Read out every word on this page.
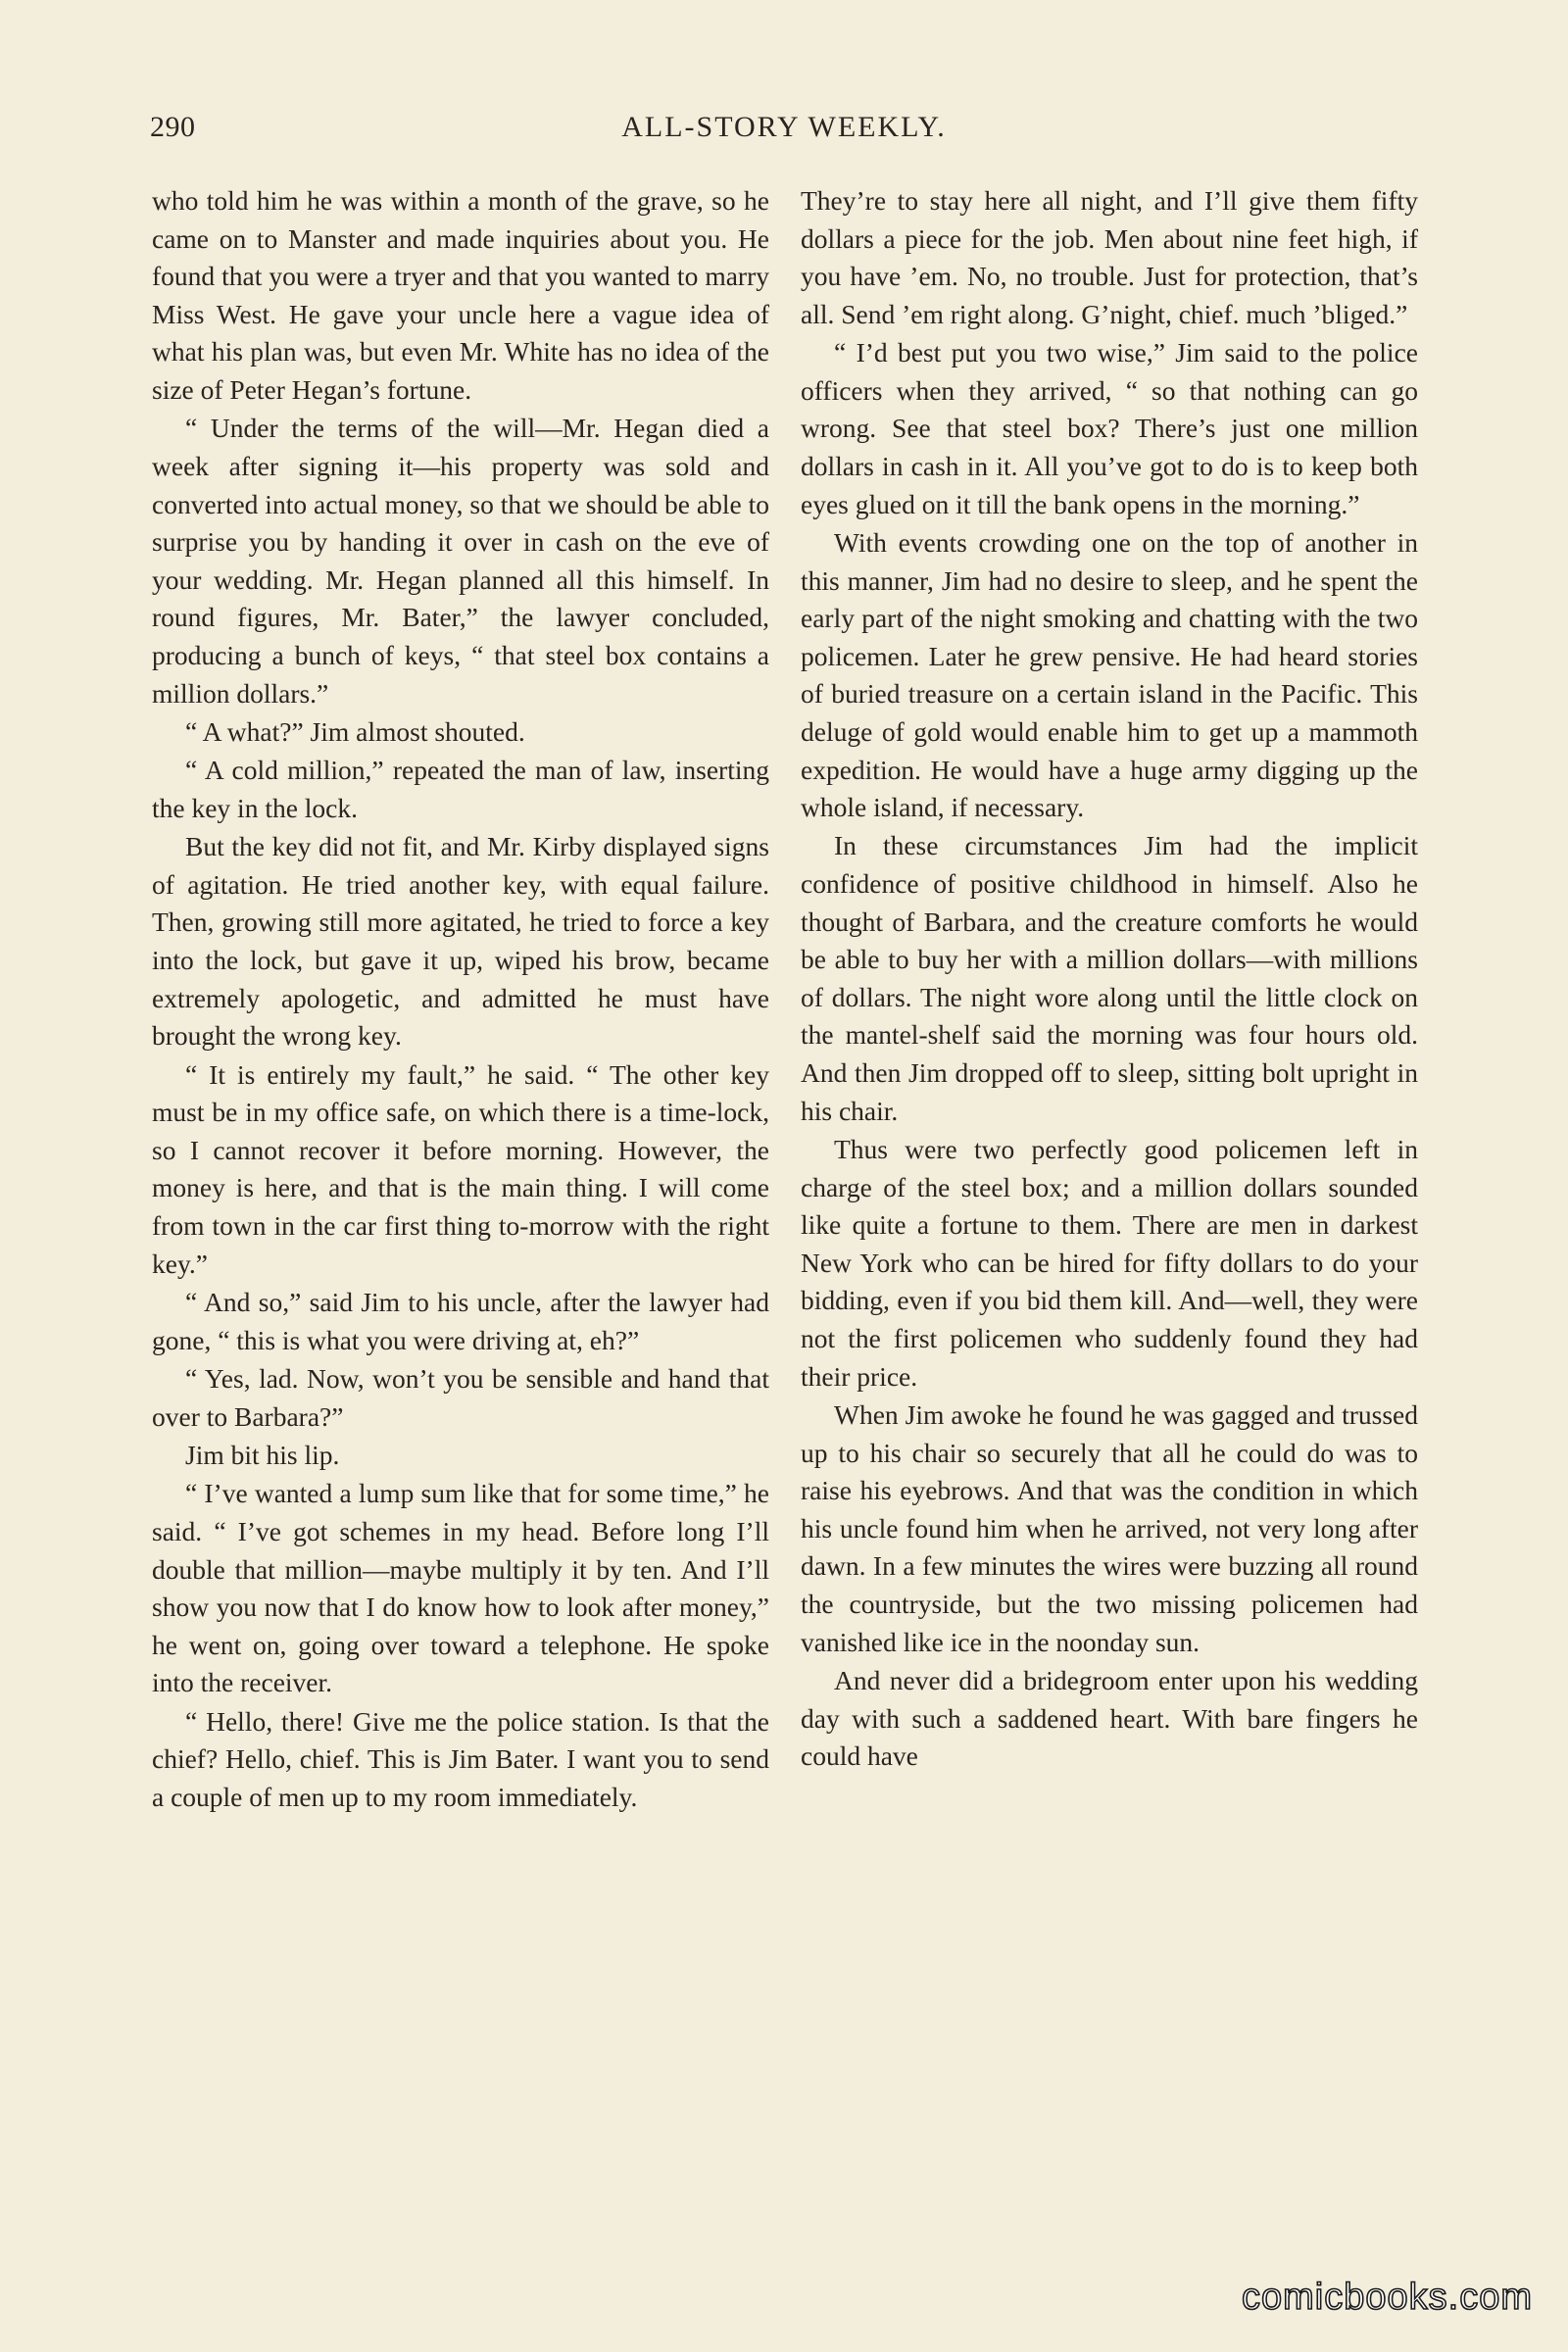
290	ALL-STORY WEEKLY.

who told him he was within a month of the grave, so he came on to Manster and made inquiries about you. He found that you were a tryer and that you wanted to marry Miss West. He gave your uncle here a vague idea of what his plan was, but even Mr. White has no idea of the size of Peter Hegan’s fortune.

“ Under the terms of the will—Mr. Hegan died a week after signing it—his property was sold and converted into actual money, so that we should be able to surprise you by handing it over in cash on the eve of your wedding. Mr. Hegan planned all this himself. In round figures, Mr. Bater,” the lawyer concluded, producing a bunch of keys, “ that steel box contains a million dollars.”

“ A what?” Jim almost shouted.

“ A cold million,” repeated the man of law, inserting the key in the lock.

But the key did not fit, and Mr. Kirby displayed signs of agitation. He tried another key, with equal failure. Then, growing still more agitated, he tried to force a key into the lock, but gave it up, wiped his brow, became extremely apologetic, and admitted he must have brought the wrong key.

“ It is entirely my fault,” he said. “ The other key must be in my office safe, on which there is a time-lock, so I cannot recover it before morning. However, the money is here, and that is the main thing. I will come from town in the car first thing to-morrow with the right key.”

“ And so,” said Jim to his uncle, after the lawyer had gone, “ this is what you were driving at, eh?”

“ Yes, lad. Now, won’t you be sensible and hand that over to Barbara?”

Jim bit his lip.

“ I’ve wanted a lump sum like that for some time,” he said. “ I’ve got schemes in my head. Before long I’ll double that million—maybe multiply it by ten. And I’ll show you now that I do know how to look after money,” he went on, going over toward a telephone. He spoke into the receiver.

“ Hello, there! Give me the police station. Is that the chief? Hello, chief. This is Jim Bater. I want you to send a couple of men up to my room immediately.

They’re to stay here all night, and I’ll give them fifty dollars a piece for the job. Men about nine feet high, if you have ’em. No, no trouble. Just for protection, that’s all. Send ’em right along. G’night, chief. much ’bliged.”

“ I’d best put you two wise,” Jim said to the police officers when they arrived, “ so that nothing can go wrong. See that steel box? There’s just one million dollars in cash in it. All you’ve got to do is to keep both eyes glued on it till the bank opens in the morning.”

With events crowding one on the top of another in this manner, Jim had no desire to sleep, and he spent the early part of the night smoking and chatting with the two policemen. Later he grew pensive. He had heard stories of buried treasure on a certain island in the Pacific. This deluge of gold would enable him to get up a mammoth expedition. He would have a huge army digging up the whole island, if necessary.

In these circumstances Jim had the implicit confidence of positive childhood in himself. Also he thought of Barbara, and the creature comforts he would be able to buy her with a million dollars—with millions of dollars. The night wore along until the little clock on the mantel-shelf said the morning was four hours old. And then Jim dropped off to sleep, sitting bolt upright in his chair.

Thus were two perfectly good policemen left in charge of the steel box; and a million dollars sounded like quite a fortune to them. There are men in darkest New York who can be hired for fifty dollars to do your bidding, even if you bid them kill. And—well, they were not the first policemen who suddenly found they had their price.

When Jim awoke he found he was gagged and trussed up to his chair so securely that all he could do was to raise his eyebrows. And that was the condition in which his uncle found him when he arrived, not very long after dawn. In a few minutes the wires were buzzing all round the countryside, but the two missing policemen had vanished like ice in the noonday sun.

And never did a bridegroom enter upon his wedding day with such a saddened heart. With bare fingers he could have

comicbooks.com
